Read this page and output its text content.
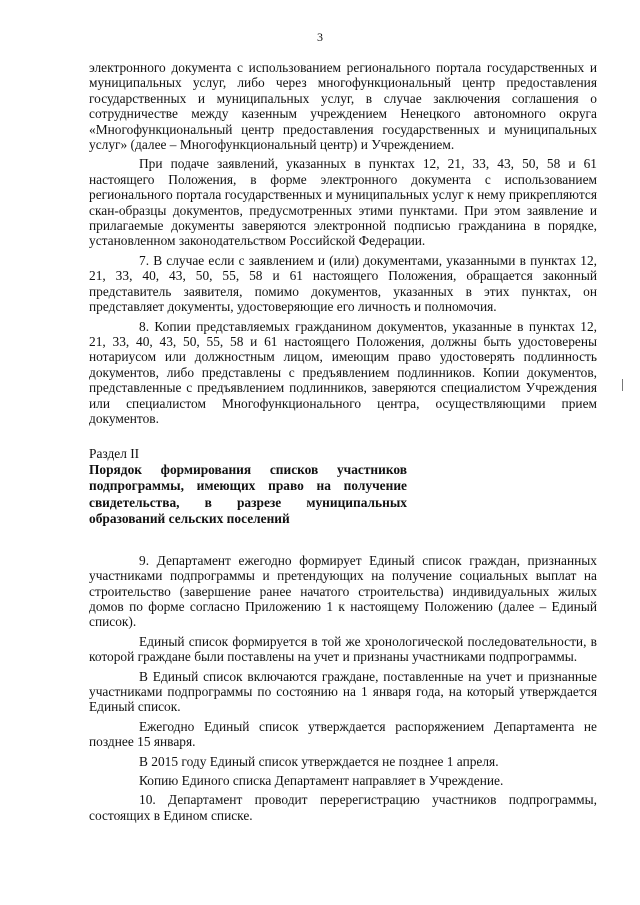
3

электронного документа с использованием регионального портала государственных и муниципальных услуг, либо через многофункциональный центр предоставления государственных и муниципальных услуг, в случае заключения соглашения о сотрудничестве между казенным учреждением Ненецкого автономного округа «Многофункциональный центр предоставления государственных и муниципальных услуг» (далее – Многофункциональный центр) и Учреждением.

При подаче заявлений, указанных в пунктах 12, 21, 33, 43, 50, 58 и 61 настоящего Положения, в форме электронного документа с использованием регионального портала государственных и муниципальных услуг к нему прикрепляются скан-образцы документов, предусмотренных этими пунктами. При этом заявление и прилагаемые документы заверяются электронной подписью гражданина в порядке, установленном законодательством Российской Федерации.

7. В случае если с заявлением и (или) документами, указанными в пунктах 12, 21, 33, 40, 43, 50, 55, 58 и 61 настоящего Положения, обращается законный представитель заявителя, помимо документов, указанных в этих пунктах, он представляет документы, удостоверяющие его личность и полномочия.

8. Копии представляемых гражданином документов, указанные в пунктах 12, 21, 33, 40, 43, 50, 55, 58 и 61 настоящего Положения, должны быть удостоверены нотариусом или должностным лицом, имеющим право удостоверять подлинность документов, либо представлены с предъявлением подлинников. Копии документов, представленные с предъявлением подлинников, заверяются специалистом Учреждения или специалистом Многофункционального центра, осуществляющими прием документов.

Раздел II

Порядок формирования списков участников подпрограммы, имеющих право на получение свидетельства, в разрезе муниципальных образований сельских поселений

9. Департамент ежегодно формирует Единый список граждан, признанных участниками подпрограммы и претендующих на получение социальных выплат на строительство (завершение ранее начатого строительства) индивидуальных жилых домов по форме согласно Приложению 1 к настоящему Положению (далее – Единый список).

Единый список формируется в той же хронологической последовательности, в которой граждане были поставлены на учет и признаны участниками подпрограммы.

В Единый список включаются граждане, поставленные на учет и признанные участниками подпрограммы по состоянию на 1 января года, на который утверждается Единый список.

Ежегодно Единый список утверждается распоряжением Департамента не позднее 15 января.

В 2015 году Единый список утверждается не позднее 1 апреля.

Копию Единого списка Департамент направляет в Учреждение.

10. Департамент проводит перерегистрацию участников подпрограммы, состоящих в Едином списке.
